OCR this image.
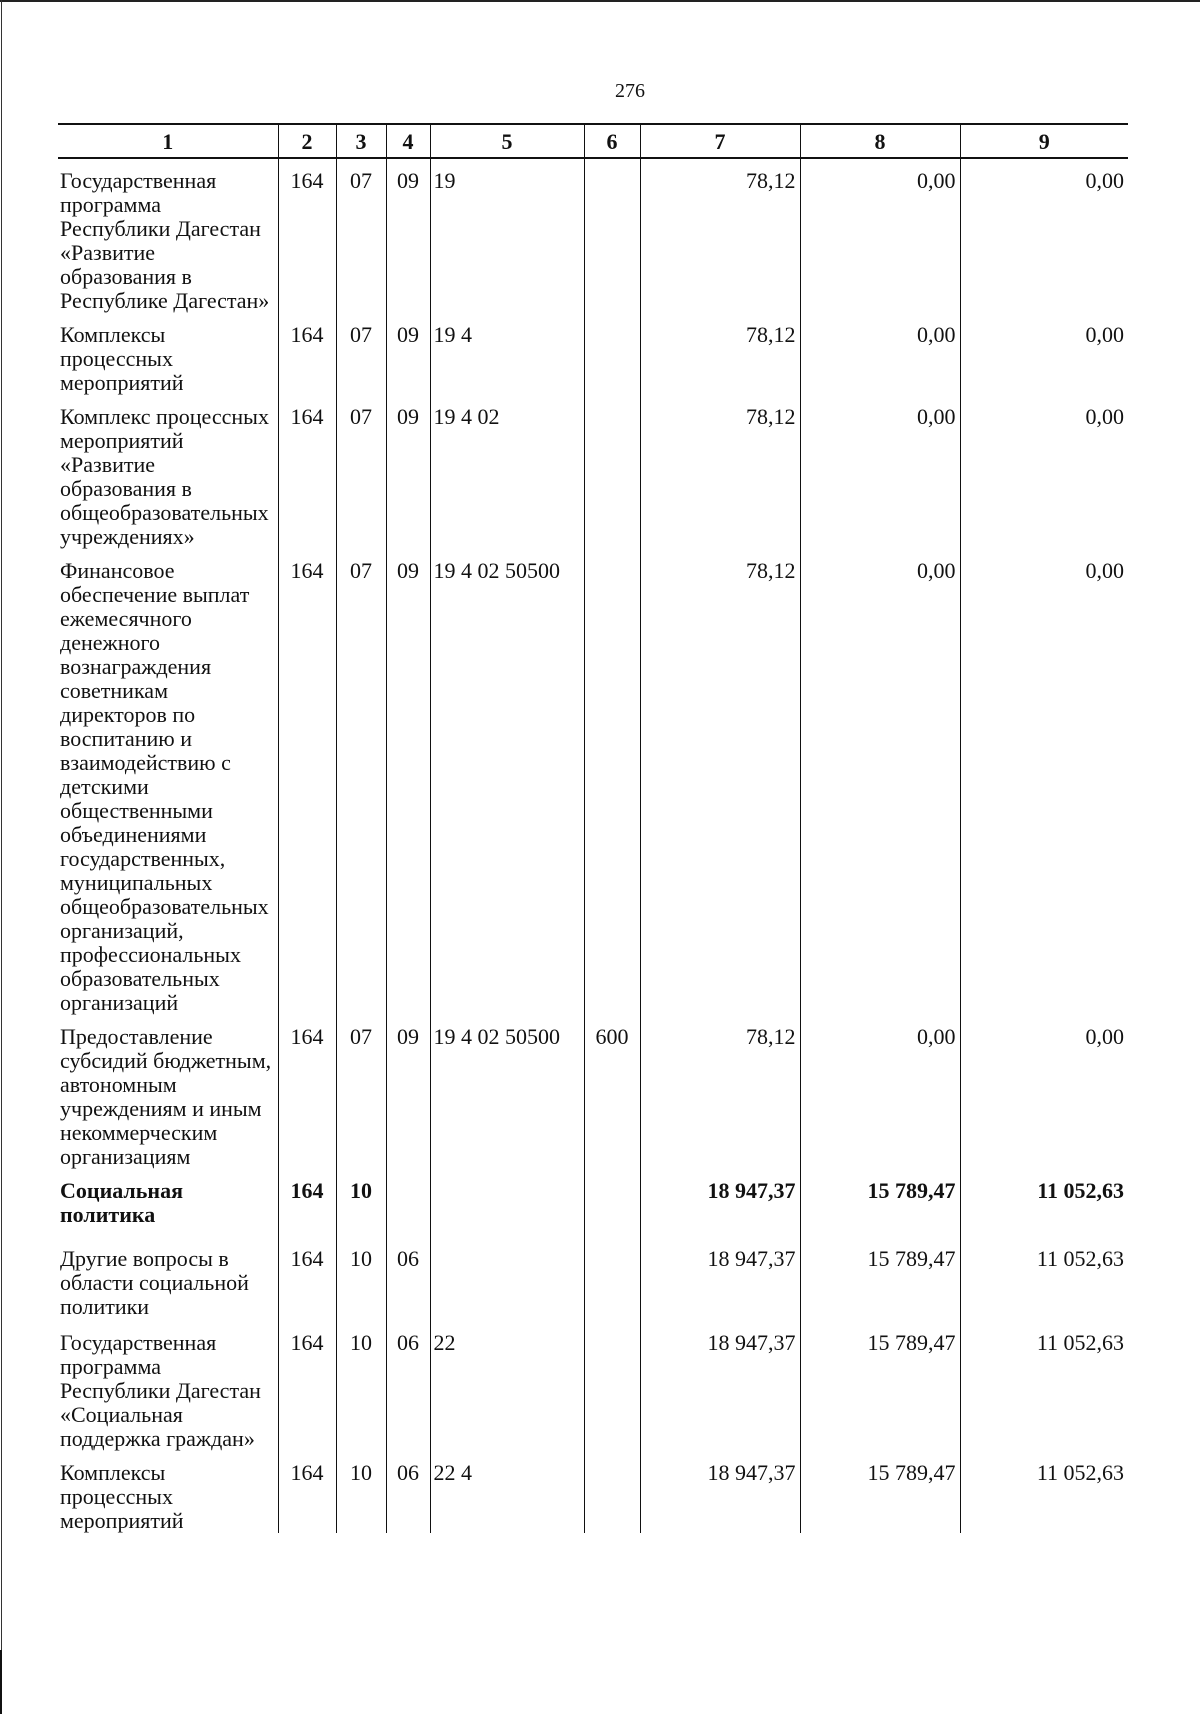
276
1	2	3	4	5	6	7	8	9
Государственная программа Республики Дагестан «Развитие образования в Республике Дагестан»	164	07	09	19		78,12	0,00	0,00
Комплексы процессных мероприятий	164	07	09	19 4		78,12	0,00	0,00
Комплекс процессных мероприятий «Развитие образования в общеобразовательных учреждениях»	164	07	09	19 4 02		78,12	0,00	0,00
Финансовое обеспечение выплат ежемесячного денежного вознаграждения советникам директоров по воспитанию и взаимодействию с детскими общественными объединениями государственных, муниципальных общеобразовательных организаций, профессиональных образовательных организаций	164	07	09	19 4 02 50500		78,12	0,00	0,00
Предоставление субсидий бюджетным, автономным учреждениям и иным некоммерческим организациям	164	07	09	19 4 02 50500	600	78,12	0,00	0,00
Социальная политика	164	10				18 947,37	15 789,47	11 052,63
Другие вопросы в области социальной политики	164	10	06			18 947,37	15 789,47	11 052,63
Государственная программа Республики Дагестан «Социальная поддержка граждан»	164	10	06	22		18 947,37	15 789,47	11 052,63
Комплексы процессных мероприятий	164	10	06	22 4		18 947,37	15 789,47	11 052,63
